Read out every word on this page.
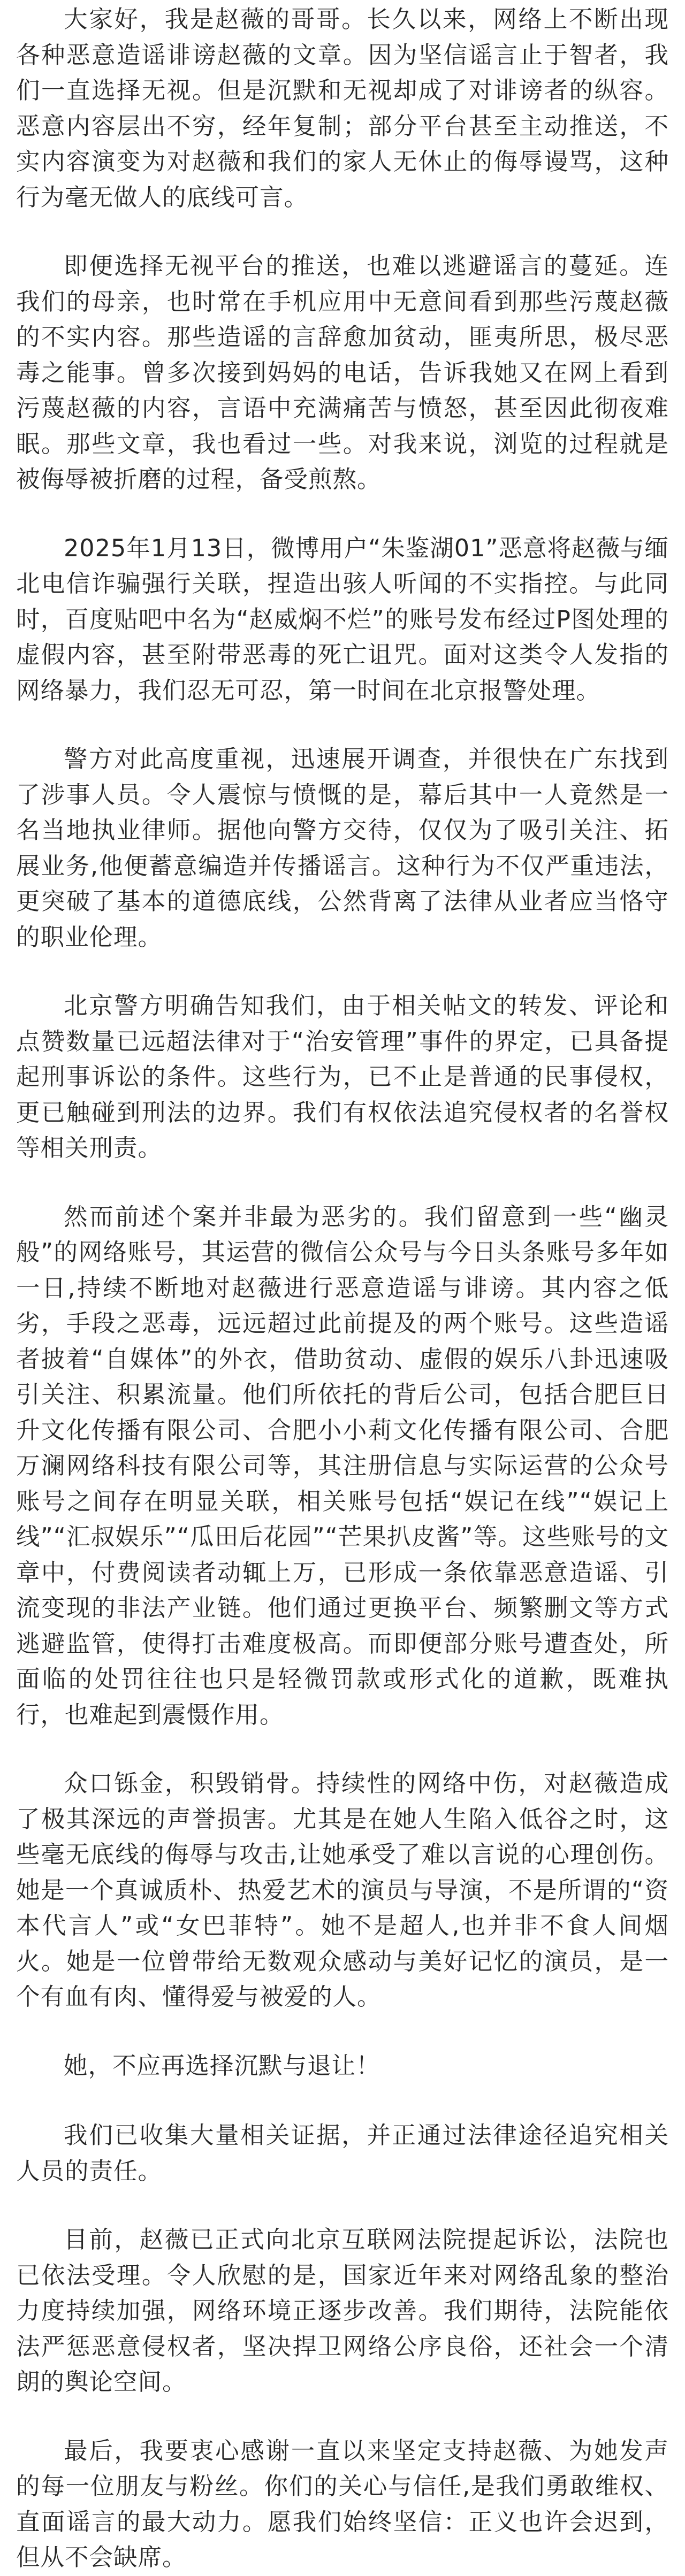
大家好，我是赵薇的哥哥。长久以来，网络上不断出现各种恶意造谣诽谤赵薇的文章。因为坚信谣言止于智者，我们一直选择无视。但是沉默和无视却成了对诽谤者的纵容。恶意内容层出不穷，经年复制；部分平台甚至主动推送，不实内容演变为对赵薇和我们的家人无休止的侮辱谩骂，这种行为毫无做人的底线可言。

即便选择无视平台的推送，也难以逃避谣言的蔓延。连我们的母亲，也时常在手机应用中无意间看到那些污蔑赵薇的不实内容。那些造谣的言辞愈加贫动，匪夷所思，极尽恶毒之能事。曾多次接到妈妈的电话，告诉我她又在网上看到污蔑赵薇的内容，言语中充满痛苦与愤怒，甚至因此彻夜难眠。那些文章，我也看过一些。对我来说，浏览的过程就是被侮辱被折磨的过程，备受煎熬。

2025年1月13日，微博用户“朱鉴湖01”恶意将赵薇与缅北电信诈骗强行关联，捏造出骇人听闻的不实指控。与此同时，百度贴吧中名为“赵威焖不烂”的账号发布经过P图处理的虚假内容，甚至附带恶毒的死亡诅咒。面对这类令人发指的网络暴力，我们忍无可忍，第一时间在北京报警处理。

警方对此高度重视，迅速展开调查，并很快在广东找到了涉事人员。令人震惊与愤慨的是，幕后其中一人竟然是一名当地执业律师。据他向警方交待，仅仅为了吸引关注、拓展业务,他便蓄意编造并传播谣言。这种行为不仅严重违法，更突破了基本的道德底线，公然背离了法律从业者应当恪守的职业伦理。

北京警方明确告知我们，由于相关帖文的转发、评论和点赞数量已远超法律对于“治安管理”事件的界定，已具备提起刑事诉讼的条件。这些行为，已不止是普通的民事侵权，更已触碰到刑法的边界。我们有权依法追究侵权者的名誉权等相关刑责。

然而前述个案并非最为恶劣的。我们留意到一些“幽灵般”的网络账号，其运营的微信公众号与今日头条账号多年如一日,持续不断地对赵薇进行恶意造谣与诽谤。其内容之低劣，手段之恶毒，远远超过此前提及的两个账号。这些造谣者披着“自媒体”的外衣，借助贫动、虚假的娱乐八卦迅速吸引关注、积累流量。他们所依托的背后公司，包括合肥巨日升文化传播有限公司、合肥小小莉文化传播有限公司、合肥万澜网络科技有限公司等，其注册信息与实际运营的公众号账号之间存在明显关联，相关账号包括“娱记在线”“娱记上线”“汇叔娱乐”“瓜田后花园”“芒果扒皮酱”等。这些账号的文章中，付费阅读者动辄上万，已形成一条依靠恶意造谣、引流变现的非法产业链。他们通过更换平台、频繁删文等方式逃避监管，使得打击难度极高。而即便部分账号遭查处，所面临的处罚往往也只是轻微罚款或形式化的道歉，既难执行，也难起到震慑作用。

众口铄金，积毁销骨。持续性的网络中伤，对赵薇造成了极其深远的声誉损害。尤其是在她人生陷入低谷之时，这些毫无底线的侮辱与攻击,让她承受了难以言说的心理创伤。她是一个真诚质朴、热爱艺术的演员与导演，不是所谓的“资本代言人”或“女巴菲特”。她不是超人,也并非不食人间烟火。她是一位曾带给无数观众感动与美好记忆的演员，是一个有血有肉、懂得爱与被爱的人。

她，不应再选择沉默与退让！

我们已收集大量相关证据，并正通过法律途径追究相关人员的责任。

目前，赵薇已正式向北京互联网法院提起诉讼，法院也已依法受理。令人欣慰的是，国家近年来对网络乱象的整治力度持续加强，网络环境正逐步改善。我们期待，法院能依法严惩恶意侵权者，坚决捍卫网络公序良俗，还社会一个清朗的舆论空间。

最后，我要衷心感谢一直以来坚定支持赵薇、为她发声的每一位朋友与粉丝。你们的关心与信任,是我们勇敢维权、直面谣言的最大动力。愿我们始终坚信：正义也许会迟到，但从不会缺席。
